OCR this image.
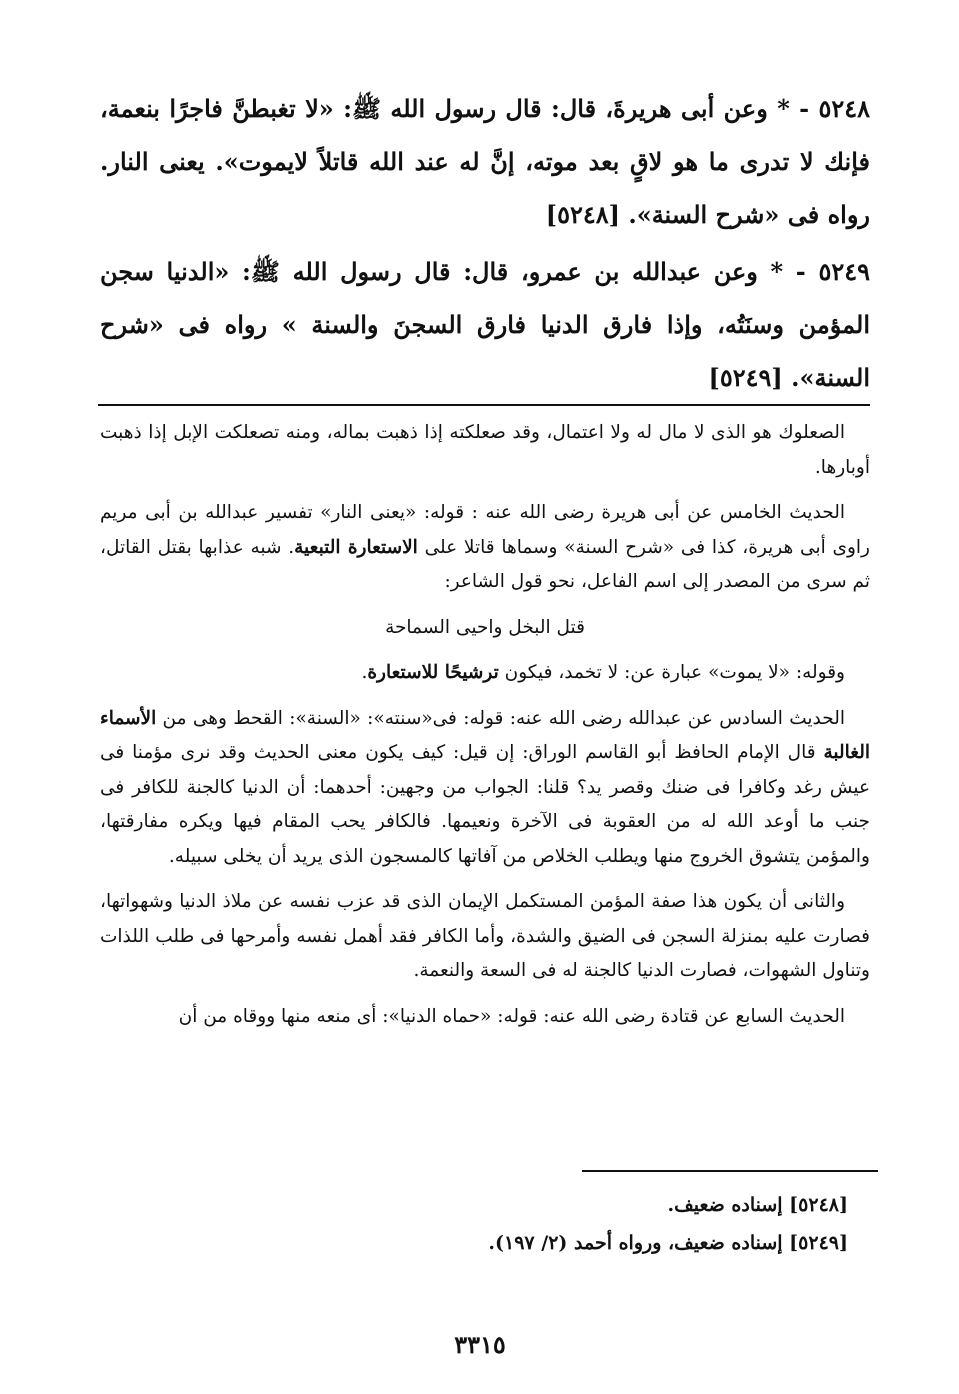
٥٢٤٨ - * وعن أبى هريرةَ، قال: قال رسول الله ﷺ: «لا تغبطنَّ فاجرًا بنعمة، فإنك لا تدرى ما هو لاقٍ بعد موته، إنَّ له عند الله قاتلاً لايموت». يعنى النار. رواه فى «شرح السنة». [٥٢٤٨]
٥٢٤٩ - * وعن عبدالله بن عمرو، قال: قال رسول الله ﷺ: «الدنيا سجن المؤمن وسنَتُه، وإذا فارق الدنيا فارق السجنَ والسنة » رواه فى «شرح السنة». [٥٢٤٩]

الصعلوك هو الذى لا مال له ولا اعتمال، وقد صعلكته إذا ذهبت بماله، ومنه تصعلكت الإبل إذا ذهبت أوبارها.

الحديث الخامس عن أبى هريرة رضى الله عنه : قوله: «يعنى النار» تفسير عبدالله بن أبى مريم راوى أبى هريرة، كذا فى «شرح السنة» وسماها قاتلا على الاستعارة التبعية. شبه عذابها بقتل القاتل، ثم سرى من المصدر إلى اسم الفاعل، نحو قول الشاعر:

قتل البخل واحيى السماحة

وقوله: «لا يموت» عبارة عن: لا تخمد، فيكون ترشيحًا للاستعارة.

الحديث السادس عن عبدالله رضى الله عنه: قوله: فى«سنته»: «السنة»: القحط وهى من الأسماء الغالبة قال الإمام الحافظ أبو القاسم الوراق: إن قيل: كيف يكون معنى الحديث وقد نرى مؤمنا فى عيش رغد وكافرا فى ضنك وقصر يد؟ قلنا: الجواب من وجهين: أحدهما: أن الدنيا كالجنة للكافر فى جنب ما أوعد الله له من العقوبة فى الآخرة ونعيمها. فالكافر يحب المقام فيها ويكره مفارقتها، والمؤمن يتشوق الخروج منها ويطلب الخلاص من آفاتها كالمسجون الذى يريد أن يخلى سبيله.

والثانى أن يكون هذا صفة المؤمن المستكمل الإيمان الذى قد عزب نفسه عن ملاذ الدنيا وشهواتها، فصارت عليه بمنزلة السجن فى الضيق والشدة، وأما الكافر فقد أهمل نفسه وأمرحها فى طلب اللذات وتناول الشهوات، فصارت الدنيا كالجنة له فى السعة والنعمة.

الحديث السابع عن قتادة رضى الله عنه: قوله: «حماه الدنيا»: أى منعه منها ووقاه من أن

[٥٢٤٨] إسناده ضعيف.
[٥٢٤٩] إسناده ضعيف، ورواه أحمد (٢/ ١٩٧).
٣٣١٥
